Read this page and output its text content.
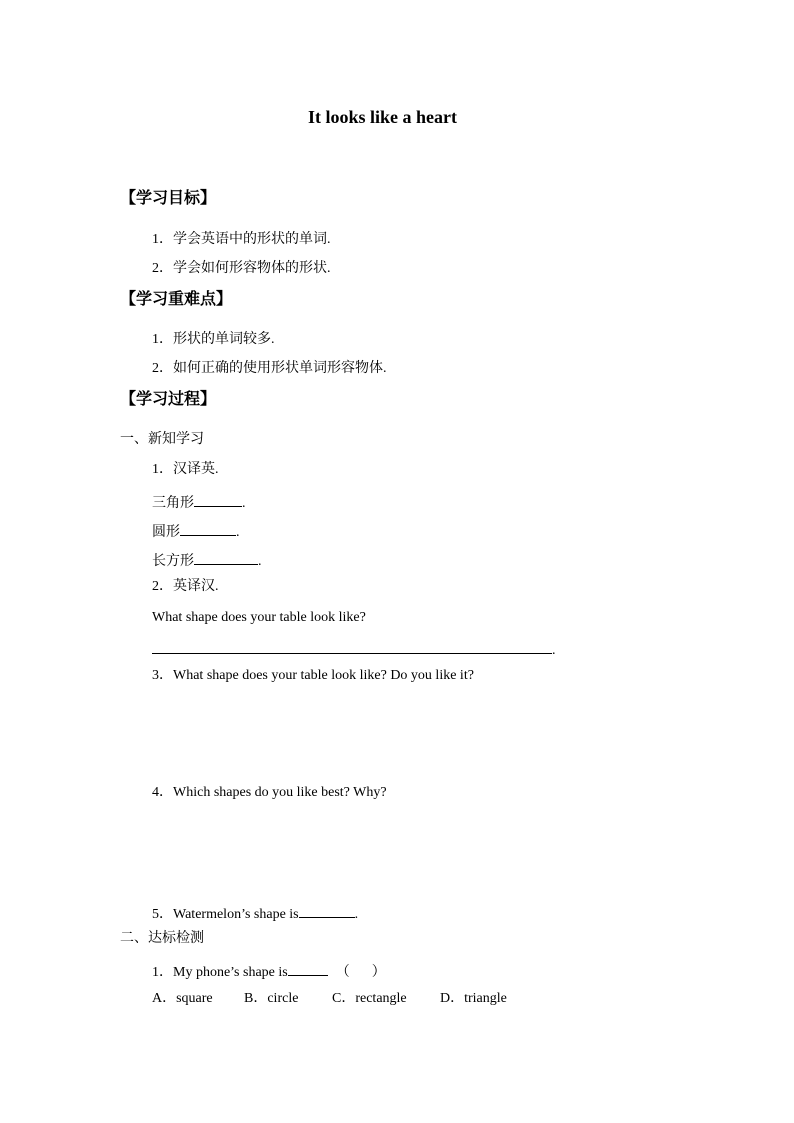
It looks like a heart
【学习目标】
1．学会英语中的形状的单词.
2．学会如何形容物体的形状.
【学习重难点】
1．形状的单词较多.
2．如何正确的使用形状单词形容物体.
【学习过程】
一、新知学习
1．汉译英.
三角形	.
圆形	.
长方形	.
2．英译汉.
What shape does your table look like?
.
3．What shape does your table look like? Do you like it?
4．Which shapes do you like best? Why?
5．Watermelon’s shape is	.
二、达标检测
1．My phone’s shape is	（ ）
A．square B．circle C．rectangle D．triangle
